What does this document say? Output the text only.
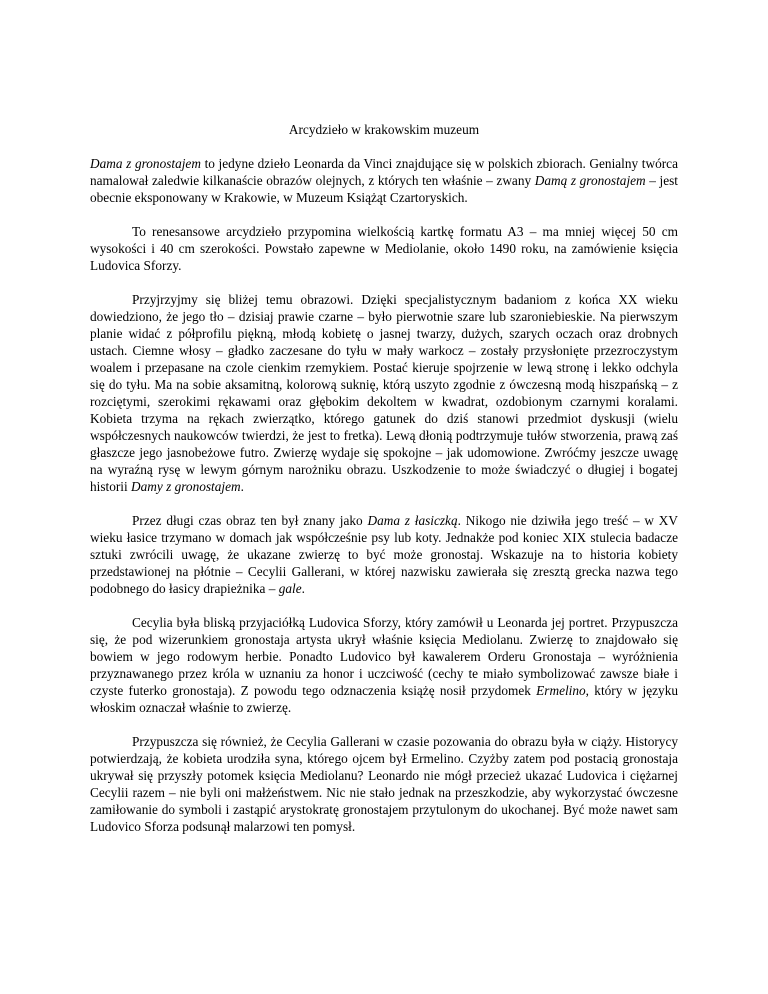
Arcydzieło w krakowskim muzeum

Dama z gronostajem to jedyne dzieło Leonarda da Vinci znajdujące się w polskich zbiorach. Genialny twórca namalował zaledwie kilkanaście obrazów olejnych, z których ten właśnie – zwany Damą z gronostajem – jest obecnie eksponowany w Krakowie, w Muzeum Książąt Czartoryskich.

To renesansowe arcydzieło przypomina wielkością kartkę formatu A3 – ma mniej więcej 50 cm wysokości i 40 cm szerokości. Powstało zapewne w Mediolanie, około 1490 roku, na zamówienie księcia Ludovica Sforzy.

Przyjrzyjmy się bliżej temu obrazowi. Dzięki specjalistycznym badaniom z końca XX wieku dowiedziono, że jego tło – dzisiaj prawie czarne – było pierwotnie szare lub szaroniebieskie. Na pierwszym planie widać z półprofilu piękną, młodą kobietę o jasnej twarzy, dużych, szarych oczach oraz drobnych ustach. Ciemne włosy – gładko zaczesane do tyłu w mały warkocz – zostały przysłonięte przezroczystym woalem i przepasane na czole cienkim rzemykiem. Postać kieruje spojrzenie w lewą stronę i lekko odchyla się do tyłu. Ma na sobie aksamitną, kolorową suknię, którą uszyto zgodnie z ówczesną modą hiszpańską – z rozciętymi, szerokimi rękawami oraz głębokim dekoltem w kwadrat, ozdobionym czarnymi koralami. Kobieta trzyma na rękach zwierzątko, którego gatunek do dziś stanowi przedmiot dyskusji (wielu współczesnych naukowców twierdzi, że jest to fretka). Lewą dłonią podtrzymuje tułów stworzenia, prawą zaś głaszcze jego jasnobeżowe futro. Zwierzę wydaje się spokojne – jak udomowione. Zwróćmy jeszcze uwagę na wyraźną rysę w lewym górnym narożniku obrazu. Uszkodzenie to może świadczyć o długiej i bogatej historii Damy z gronostajem.

Przez długi czas obraz ten był znany jako Dama z łasiczką. Nikogo nie dziwiła jego treść – w XV wieku łasice trzymano w domach jak współcześnie psy lub koty. Jednakże pod koniec XIX stulecia badacze sztuki zwrócili uwagę, że ukazane zwierzę to być może gronostaj. Wskazuje na to historia kobiety przedstawionej na płótnie – Cecylii Gallerani, w której nazwisku zawierała się zresztą grecka nazwa tego podobnego do łasicy drapieżnika – gale.

Cecylia była bliską przyjaciółką Ludovica Sforzy, który zamówił u Leonarda jej portret. Przypuszcza się, że pod wizerunkiem gronostaja artysta ukrył właśnie księcia Mediolanu. Zwierzę to znajdowało się bowiem w jego rodowym herbie. Ponadto Ludovico był kawalerem Orderu Gronostaja – wyróżnienia przyznawanego przez króla w uznaniu za honor i uczciwość (cechy te miało symbolizować zawsze białe i czyste futerko gronostaja). Z powodu tego odznaczenia książę nosił przydomek Ermelino, który w języku włoskim oznaczał właśnie to zwierzę.

Przypuszcza się również, że Cecylia Gallerani w czasie pozowania do obrazu była w ciąży. Historycy potwierdzają, że kobieta urodziła syna, którego ojcem był Ermelino. Czyżby zatem pod postacią gronostaja ukrywał się przyszły potomek księcia Mediolanu? Leonardo nie mógł przecież ukazać Ludovica i ciężarnej Cecylii razem – nie byli oni małżeństwem. Nic nie stało jednak na przeszkodzie, aby wykorzystać ówczesne zamiłowanie do symboli i zastąpić arystokratę gronostajem przytulonym do ukochanej. Być może nawet sam Ludovico Sforza podsunął malarzowi ten pomysł.
